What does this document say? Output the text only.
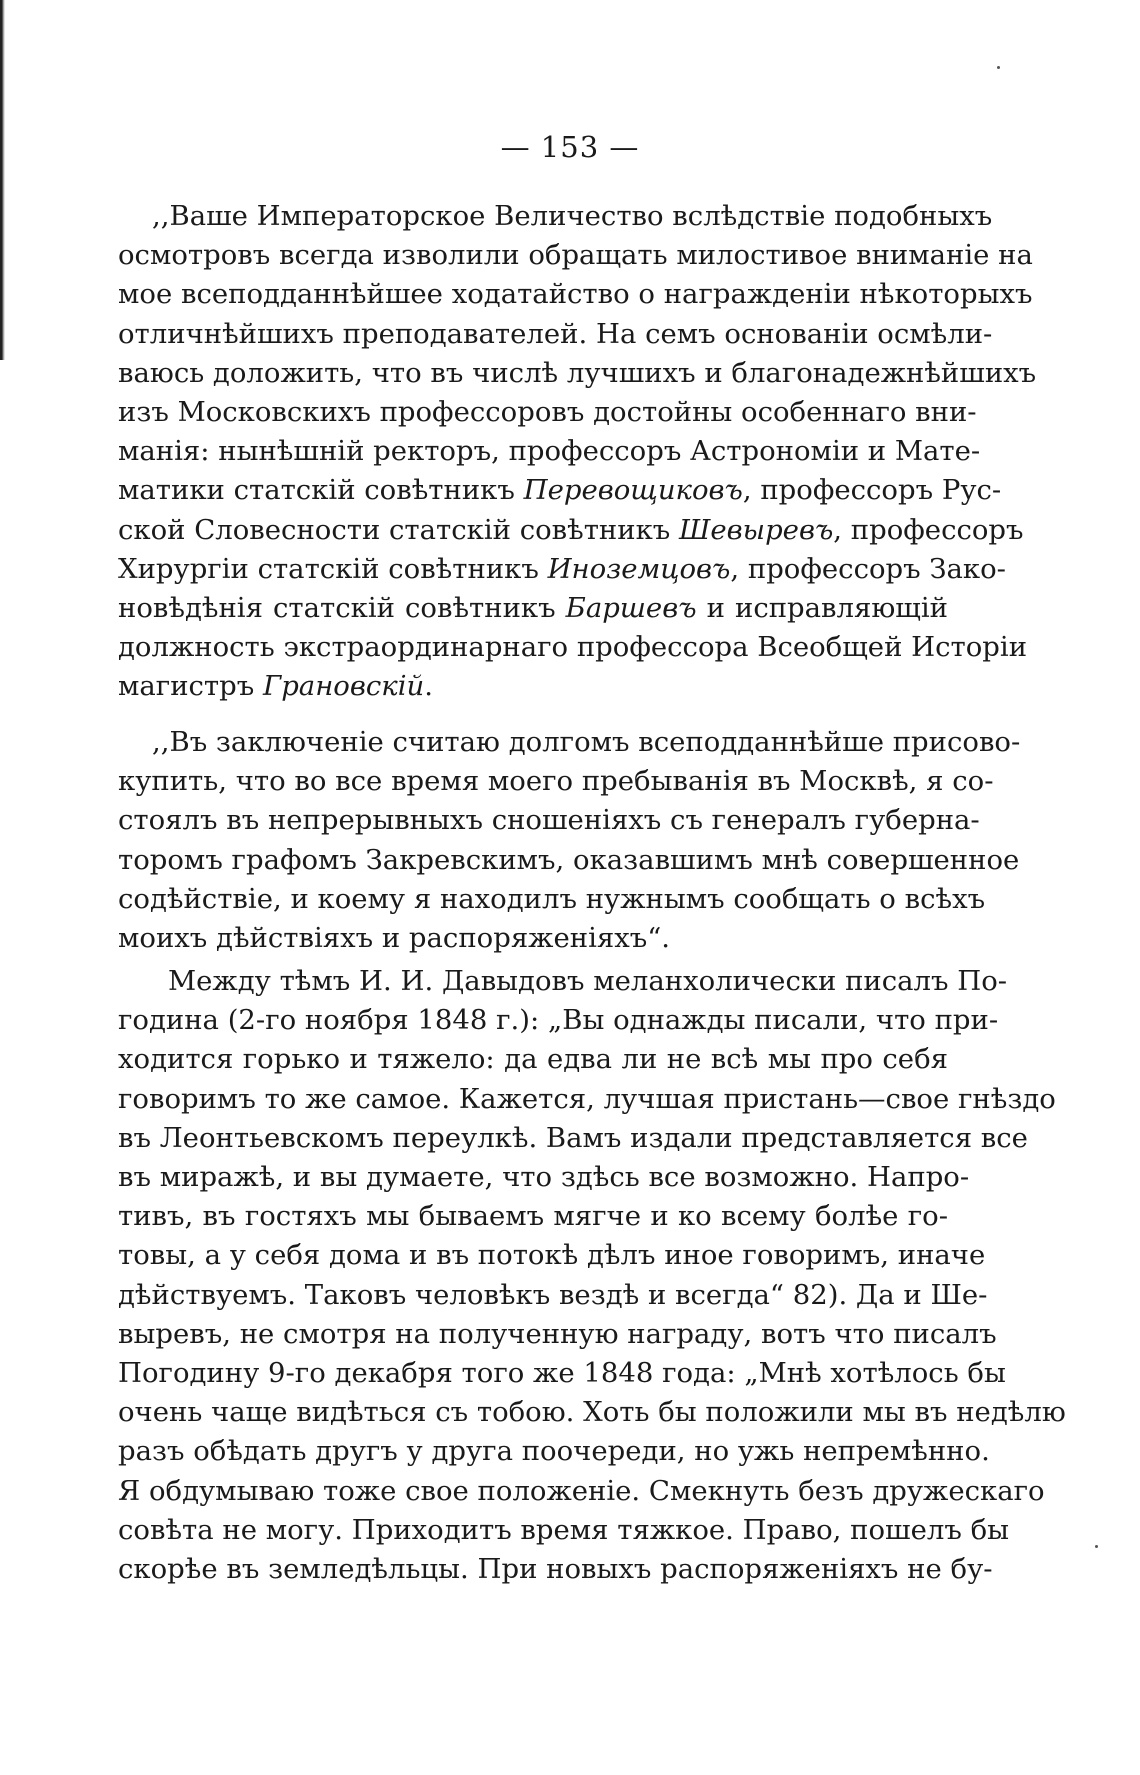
— 153 —
,,Ваше Императорское Величество вслѣдствіе подобныхъ
осмотровъ всегда изволили обращать милостивое вниманіе на
мое всеподданнѣйшее ходатайство о награжденіи нѣкоторыхъ
отличнѣйшихъ преподавателей. На семъ основаніи осмѣли-
ваюсь доложить, что въ числѣ лучшихъ и благонадежнѣйшихъ
изъ Московскихъ профессоровъ достойны особеннаго вни-
манія: нынѣшній ректоръ, профессоръ Астрономіи и Мате-
матики статскій совѣтникъ Перевощиковъ, профессоръ Рус-
ской Словесности статскій совѣтникъ Шевыревъ, профессоръ
Хирургіи статскій совѣтникъ Иноземцовъ, профессоръ Зако-
новѣдѣнія статскій совѣтникъ Баршевъ и исправляющій
должность экстраординарнаго профессора Всеобщей Исторіи
магистръ Грановскій.
,,Въ заключеніе считаю долгомъ всеподданнѣйше присово-
купить, что во все время моего пребыванія въ Москвѣ, я со-
стоялъ въ непрерывныхъ сношеніяхъ съ генералъ губерна-
торомъ графомъ Закревскимъ, оказавшимъ мнѣ совершенное
содѣйствіе, и коему я находилъ нужнымъ сообщать о всѣхъ
моихъ дѣйствіяхъ и распоряженіяхъ“.
Между тѣмъ И. И. Давыдовъ меланхолически писалъ По-
година (2-го ноября 1848 г.): „Вы однажды писали, что при-
ходится горько и тяжело: да едва ли не всѣ мы про себя
говоримъ то же самое. Кажется, лучшая пристань—свое гнѣздо
въ Леонтьевскомъ переулкѣ. Вамъ издали представляется все
въ миражѣ, и вы думаете, что здѣсь все возможно. Напро-
тивъ, въ гостяхъ мы бываемъ мягче и ко всему болѣе го-
товы, а у себя дома и въ потокѣ дѣлъ иное говоримъ, иначе
дѣйствуемъ. Таковъ человѣкъ вездѣ и всегда“ 82). Да и Ше-
выревъ, не смотря на полученную награду, вотъ что писалъ
Погодину 9-го декабря того же 1848 года: „Мнѣ хотѣлось бы
очень чаще видѣться съ тобою. Хоть бы положили мы въ недѣлю
разъ обѣдать другъ у друга поочереди, но ужь непремѣнно.
Я обдумываю тоже свое положеніе. Смекнуть безъ дружескаго
совѣта не могу. Приходитъ время тяжкое. Право, пошелъ бы
скорѣе въ земледѣльцы. При новыхъ распоряженіяхъ не бу-
